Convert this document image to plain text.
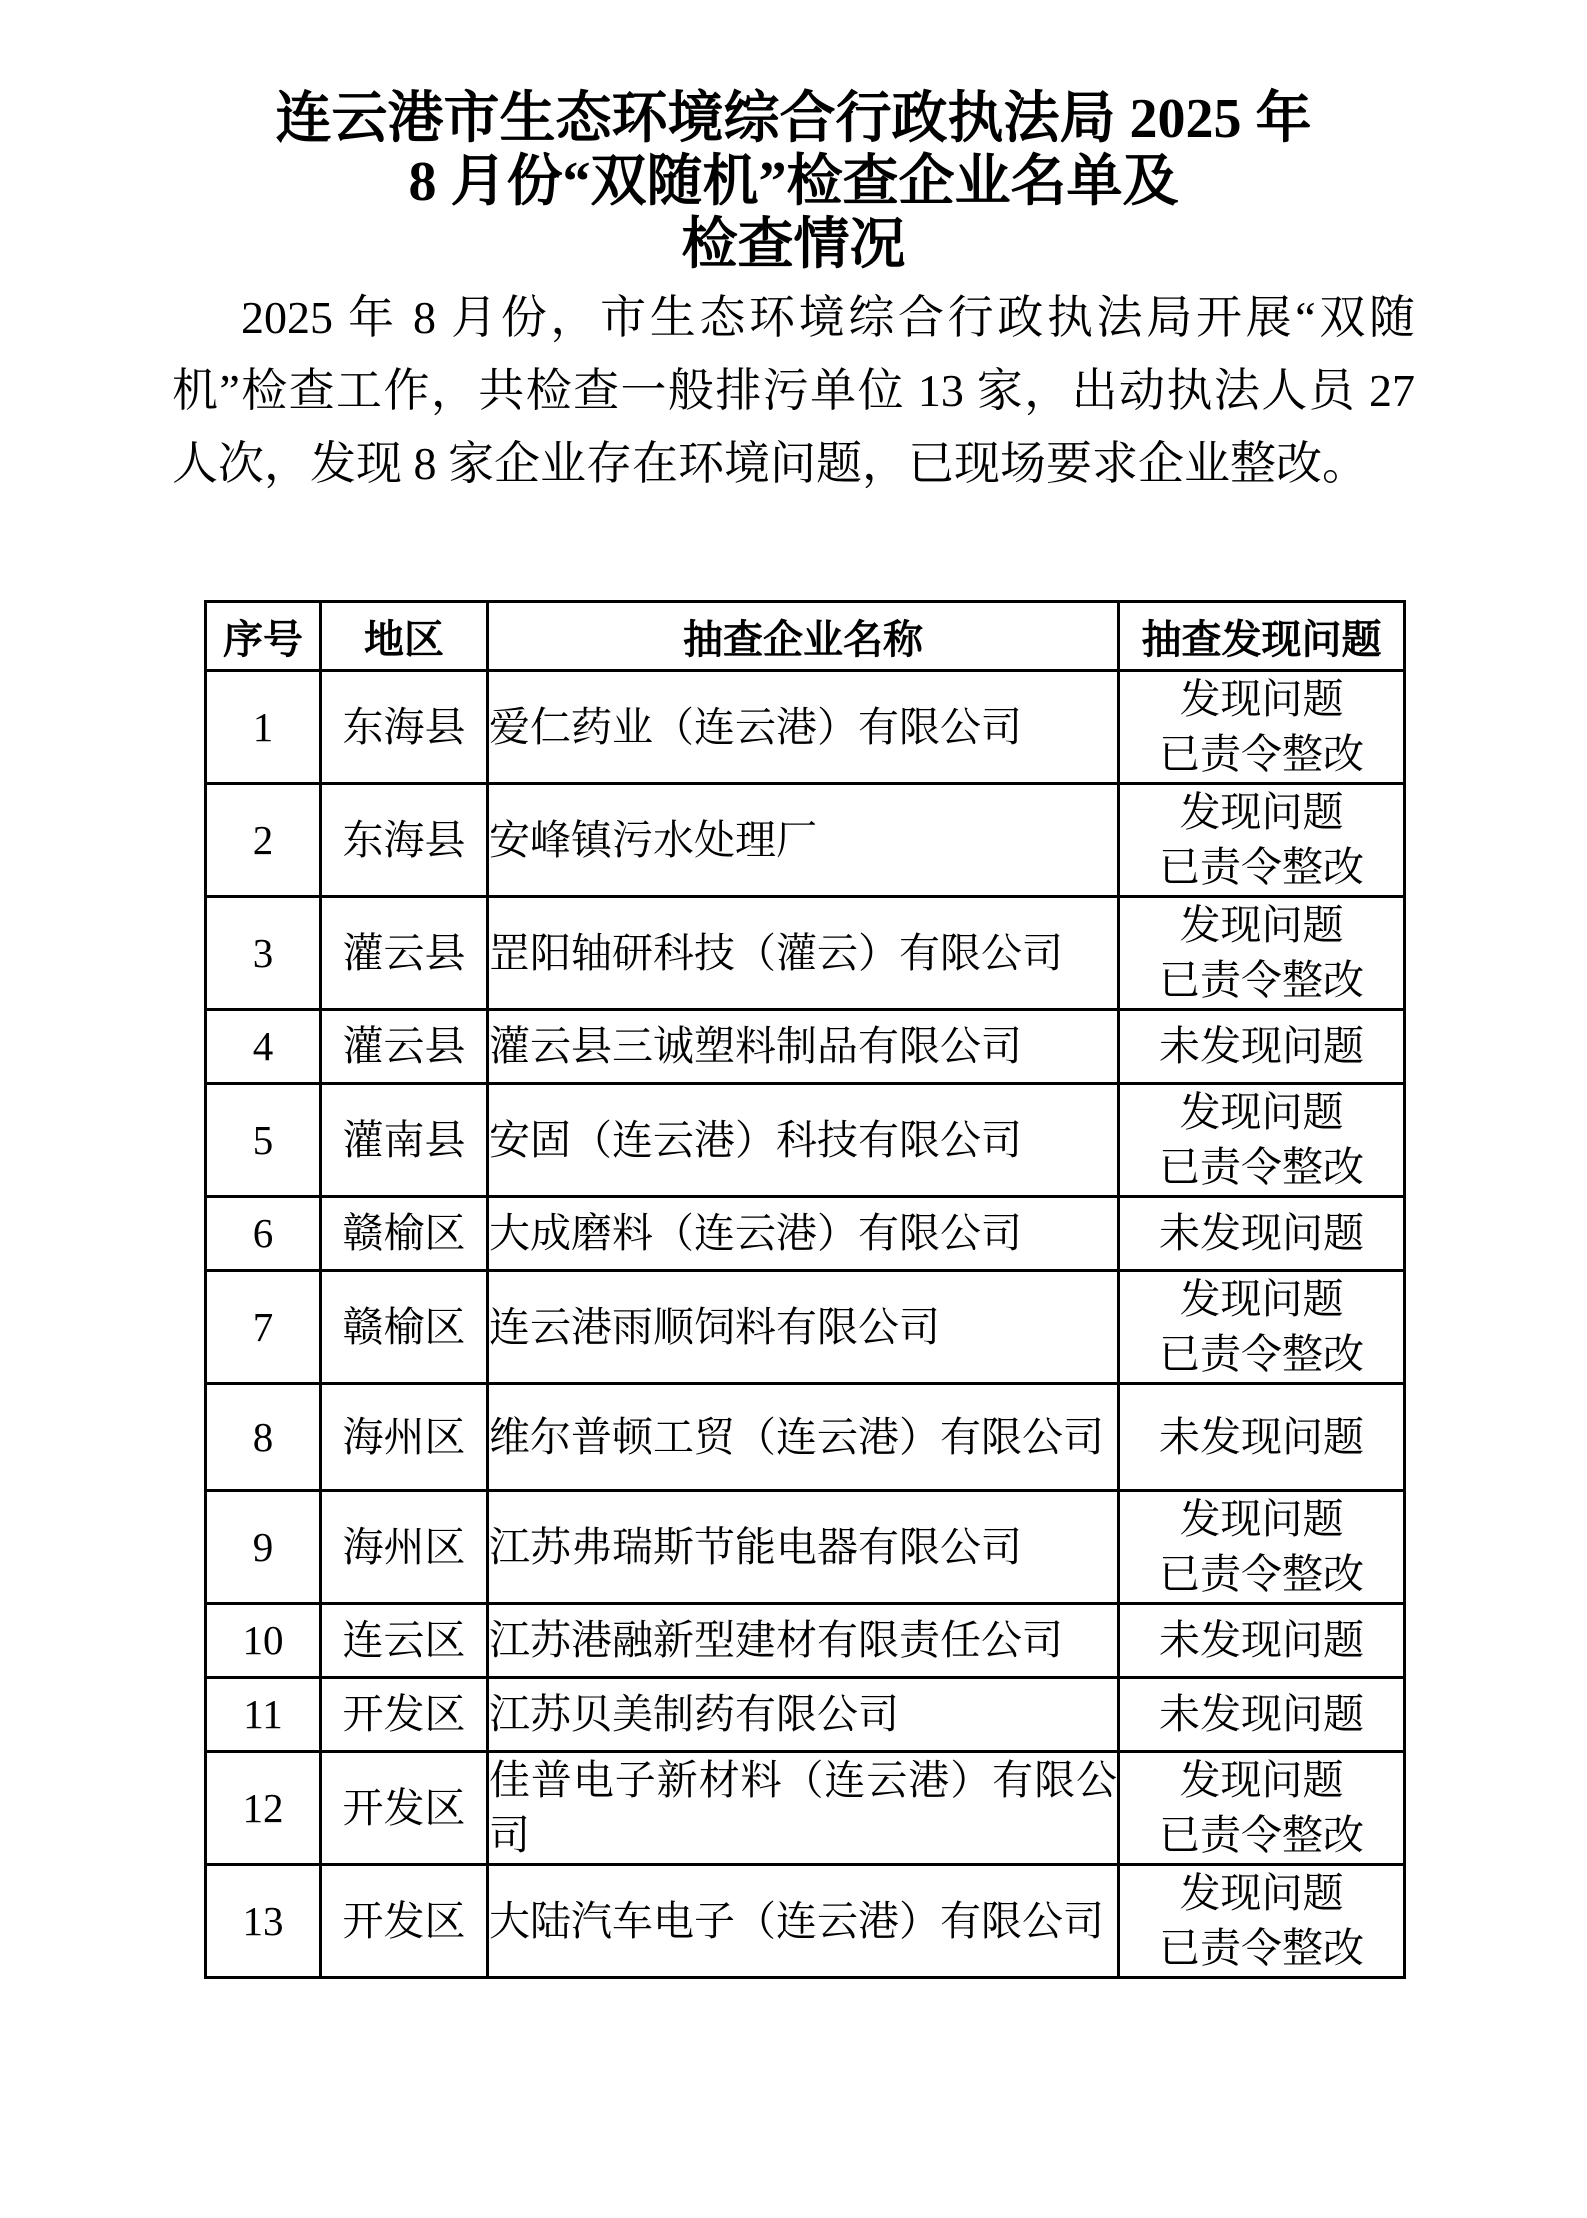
连云港市生态环境综合行政执法局 2025 年
8 月份“双随机”检查企业名单及
检查情况

2025 年 8 月份，市生态环境综合行政执法局开展“双随机”检查工作，共检查一般排污单位 13 家，出动执法人员 27 人次，发现 8 家企业存在环境问题，已现场要求企业整改。

序号	地区	抽查企业名称	抽查发现问题

1	东海县	爱仁药业（连云港）有限公司	发现问题
已责令整改

2	东海县	安峰镇污水处理厂	发现问题
已责令整改

3	灌云县	罡阳轴研科技（灌云）有限公司	发现问题
已责令整改

4	灌云县	灌云县三诚塑料制品有限公司	未发现问题

5	灌南县	安固（连云港）科技有限公司	发现问题
已责令整改

6	赣榆区	大成磨料（连云港）有限公司	未发现问题

7	赣榆区	连云港雨顺饲料有限公司	发现问题
已责令整改

8	海州区	维尔普顿工贸（连云港）有限公司	未发现问题

9	海州区	江苏弗瑞斯节能电器有限公司	发现问题
已责令整改

10	连云区	江苏港融新型建材有限责任公司	未发现问题

11	开发区	江苏贝美制药有限公司	未发现问题

12	开发区	佳普电子新材料（连云港）有限公司	发现问题
已责令整改

13	开发区	大陆汽车电子（连云港）有限公司	发现问题
已责令整改
